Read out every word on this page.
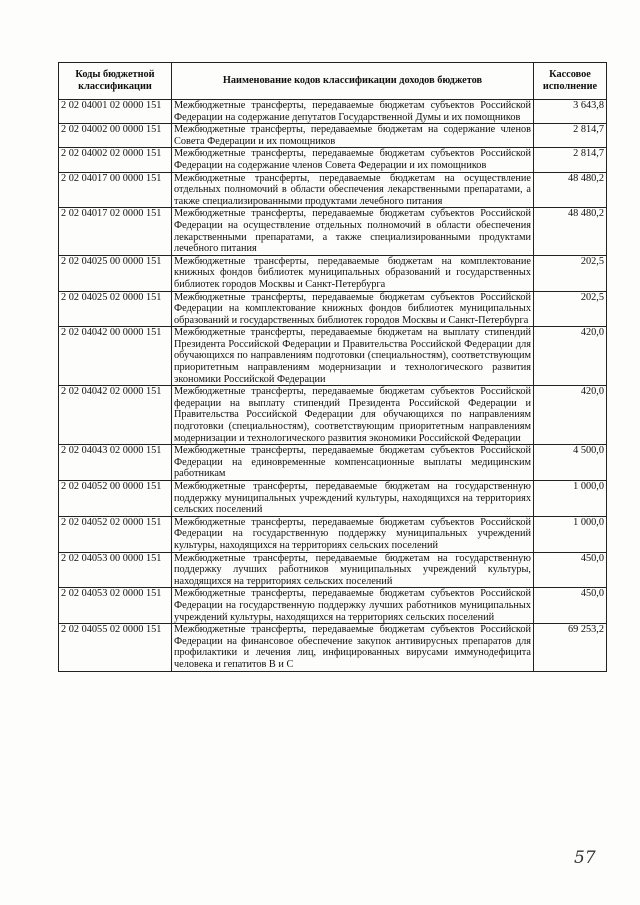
Коды бюджетной классификации	Наименование кодов классификации доходов бюджетов	Кассовое исполнение
2 02 04001 02 0000 151	Межбюджетные трансферты, передаваемые бюджетам субъектов Российской Федерации на содержание депутатов Государственной Думы и их помощников	3 643,8
2 02 04002 00 0000 151	Межбюджетные трансферты, передаваемые бюджетам на содержание членов Совета Федерации и их помощников	2 814,7
2 02 04002 02 0000 151	Межбюджетные трансферты, передаваемые бюджетам субъектов Российской Федерации на содержание членов Совета Федерации и их помощников	2 814,7
2 02 04017 00 0000 151	Межбюджетные трансферты, передаваемые бюджетам на осуществление отдельных полномочий в области обеспечения лекарственными препаратами, а также специализированными продуктами лечебного питания	48 480,2
2 02 04017 02 0000 151	Межбюджетные трансферты, передаваемые бюджетам субъектов Российской Федерации на осуществление отдельных полномочий в области обеспечения лекарственными препаратами, а также специализированными продуктами лечебного питания	48 480,2
2 02 04025 00 0000 151	Межбюджетные трансферты, передаваемые бюджетам на комплектование книжных фондов библиотек муниципальных образований и государственных библиотек городов Москвы и Санкт-Петербурга	202,5
2 02 04025 02 0000 151	Межбюджетные трансферты, передаваемые бюджетам субъектов Российской Федерации на комплектование книжных фондов библиотек муниципальных образований и государственных библиотек городов Москвы и Санкт-Петербурга	202,5
2 02 04042 00 0000 151	Межбюджетные трансферты, передаваемые бюджетам на выплату стипендий Президента Российской Федерации и Правительства Российской Федерации для обучающихся по направлениям подготовки (специальностям), соответствующим приоритетным направлениям модернизации и технологического развития экономики Российской Федерации	420,0
2 02 04042 02 0000 151	Межбюджетные трансферты, передаваемые бюджетам субъектов Российской федерации на выплату стипендий Президента Российской Федерации и Правительства Российской Федерации для обучающихся по направлениям подготовки (специальностям), соответствующим приоритетным направлениям модернизации и технологического развития экономики Российской Федерации	420,0
2 02 04043 02 0000 151	Межбюджетные трансферты, передаваемые бюджетам субъектов Российской Федерации на единовременные компенсационные выплаты медицинским работникам	4 500,0
2 02 04052 00 0000 151	Межбюджетные трансферты, передаваемые бюджетам на государственную поддержку муниципальных учреждений культуры, находящихся на территориях сельских поселений	1 000,0
2 02 04052 02 0000 151	Межбюджетные трансферты, передаваемые бюджетам субъектов Российской Федерации на государственную поддержку муниципальных учреждений культуры, находящихся на территориях сельских поселений	1 000,0
2 02 04053 00 0000 151	Межбюджетные трансферты, передаваемые бюджетам на государственную поддержку лучших работников муниципальных учреждений культуры, находящихся на территориях сельских поселений	450,0
2 02 04053 02 0000 151	Межбюджетные трансферты, передаваемые бюджетам субъектов Российской Федерации на государственную поддержку лучших работников муниципальных учреждений культуры, находящихся на территориях сельских поселений	450,0
2 02 04055 02 0000 151	Межбюджетные трансферты, передаваемые бюджетам субъектов Российской Федерации на финансовое обеспечение закупок антивирусных препаратов для профилактики и лечения лиц, инфицированных вирусами иммунодефицита человека и гепатитов В и С	69 253,2
57
